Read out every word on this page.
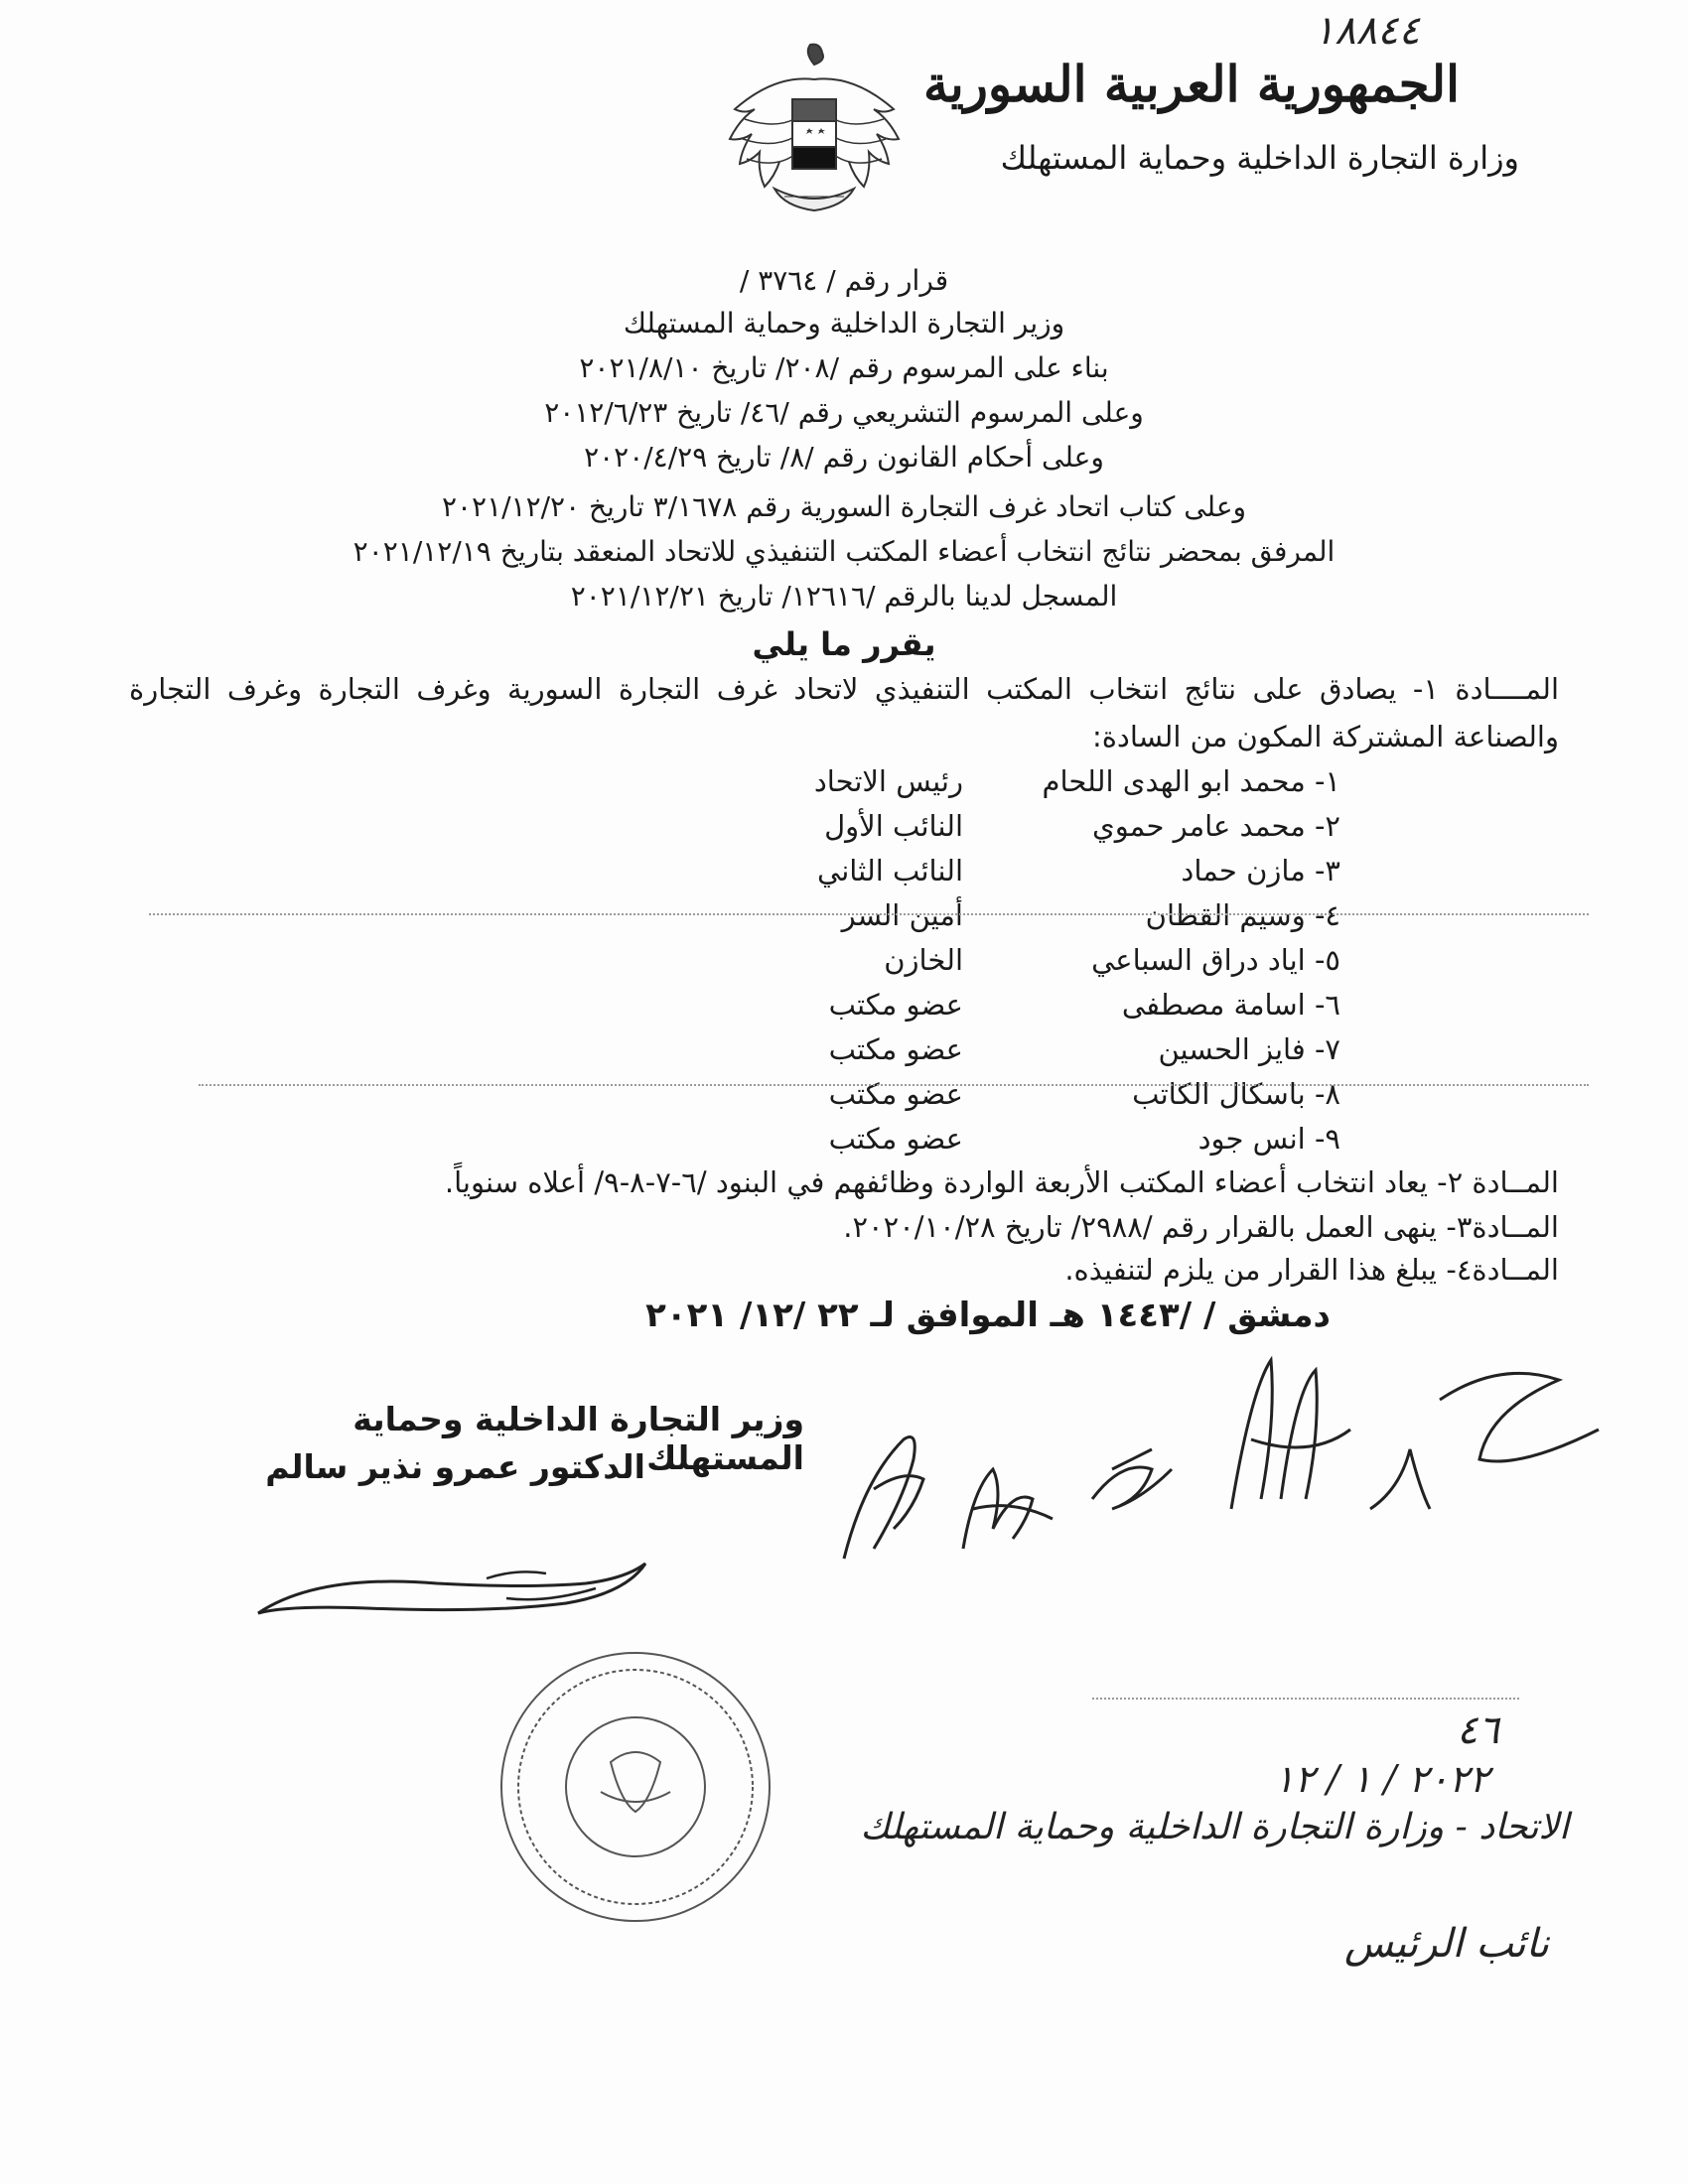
١٨٨٤٤
الجمهورية العربية السورية
وزارة التجارة الداخلية وحماية المستهلك
قرار رقم / ٣٧٦٤ /
وزير التجارة الداخلية وحماية المستهلك
بناء على المرسوم رقم /٢٠٨/ تاريخ ٢٠٢١/٨/١٠
وعلى المرسوم التشريعي رقم /٤٦/ تاريخ ٢٠١٢/٦/٢٣
وعلى أحكام القانون رقم /٨/ تاريخ ٢٠٢٠/٤/٢٩
وعلى كتاب اتحاد غرف التجارة السورية رقم ٣/١٦٧٨ تاريخ ٢٠٢١/١٢/٢٠
المرفق بمحضر نتائج انتخاب أعضاء المكتب التنفيذي للاتحاد المنعقد بتاريخ ٢٠٢١/١٢/١٩
المسجل لدينا بالرقم /١٢٦١٦/ تاريخ ٢٠٢١/١٢/٢١
يقرر ما يلي
المــــادة ١- يصادق على نتائج انتخاب المكتب التنفيذي لاتحاد غرف التجارة السورية وغرف التجارة وغرف التجارة والصناعة المشتركة المكون من السادة:
١- محمد ابو الهدى اللحام
رئيس الاتحاد
٢- محمد عامر حموي
النائب الأول
٣- مازن حماد
النائب الثاني
٤- وسيم القطان
أمين السر
٥- اياد دراق السباعي
الخازن
٦- اسامة مصطفى
عضو مكتب
٧- فايز الحسين
عضو مكتب
٨- باسكال الكاتب
عضو مكتب
٩- انس جود
عضو مكتب
المــادة ٢- يعاد انتخاب أعضاء المكتب الأربعة الواردة وظائفهم في البنود /٦-٧-٨-٩/ أعلاه سنوياً.
المــادة٣- ينهى العمل بالقرار رقم /٢٩٨٨/ تاريخ ٢٠٢٠/١٠/٢٨.
المــادة٤- يبلغ هذا القرار من يلزم لتنفيذه.
دمشق / /١٤٤٣ هـ الموافق لـ ٢٢ /١٢/ ٢٠٢١
وزير التجارة الداخلية وحماية المستهلك
الدكتور عمرو نذير سالم
٤٦
٢٠٢٢ / ١ / ١٢
الاتحاد - وزارة التجارة الداخلية وحماية المستهلك
نائب الرئيس
